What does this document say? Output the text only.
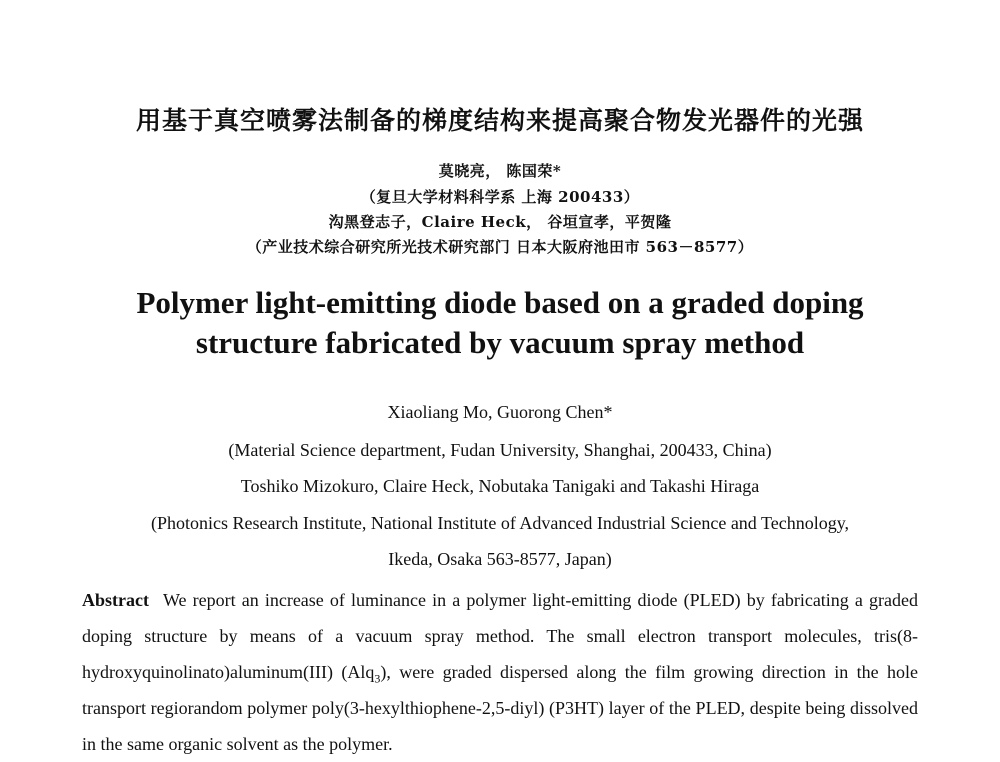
用基于真空喷雾法制备的梯度结构来提高聚合物发光器件的光强
莫晓亮， 陈国荣*
（复旦大学材料科学系 上海 200433）
沟黑登志子，Claire Heck， 谷垣宣孝，平贺隆
（产业技术综合研究所光技术研究部门 日本大阪府池田市 563－8577）
Polymer light-emitting diode based on a graded doping
structure fabricated by vacuum spray method
Xiaoliang Mo, Guorong Chen*
(Material Science department, Fudan University, Shanghai, 200433, China)
Toshiko Mizokuro, Claire Heck, Nobutaka Tanigaki and Takashi Hiraga
(Photonics Research Institute, National Institute of Advanced Industrial Science and Technology,
Ikeda, Osaka 563-8577, Japan)
Abstract We report an increase of luminance in a polymer light-emitting diode (PLED) by fabricating a graded doping structure by means of a vacuum spray method. The small electron transport molecules, tris(8-hydroxyquinolinato)aluminum(III) (Alq$_3$), were graded dispersed along the film growing direction in the hole transport regiorandom polymer poly(3-hexylthiophene-2,5-diyl) (P3HT) layer of the PLED, despite being dissolved in the same organic solvent as the polymer.
